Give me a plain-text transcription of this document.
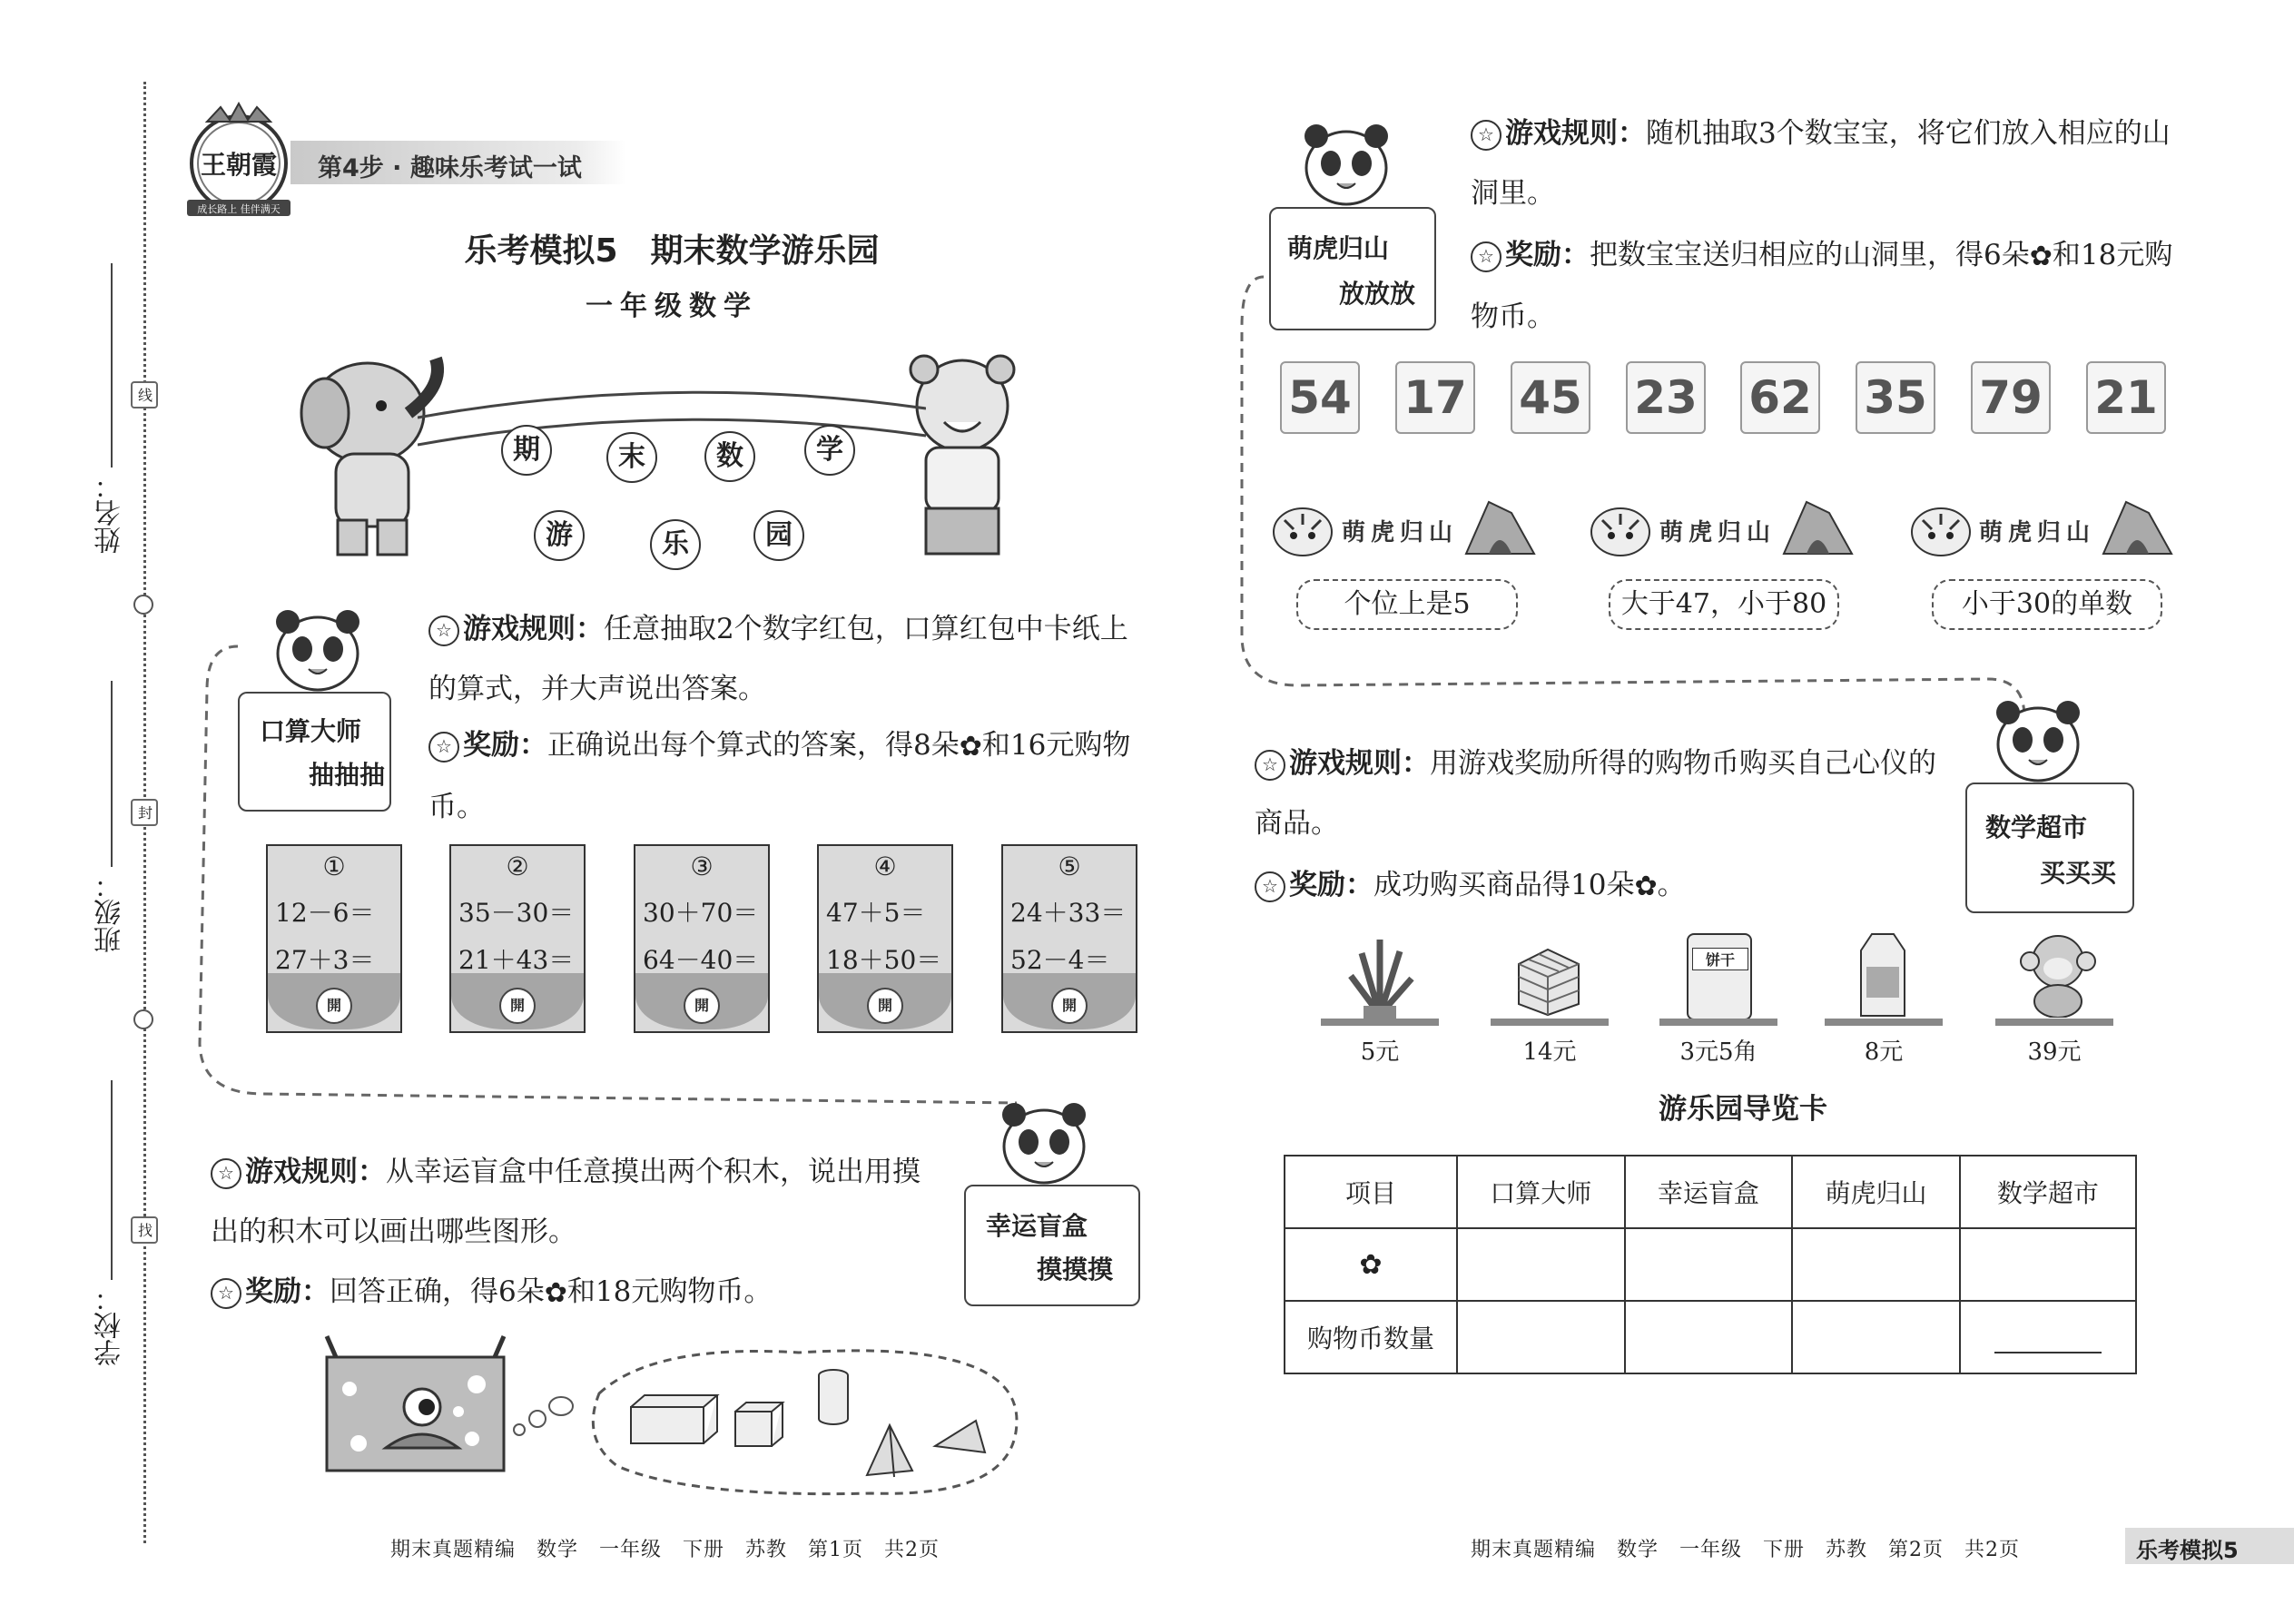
姓名：
班级：
学校：
线
封
找
王朝霞
成长路上 佳伴满天
第4步 · 趣味乐考试一试
乐考模拟5　期末数学游乐园
一年级数学
期	末	数	学
游	乐	园
口算大师
抽抽抽
☆ 游戏规则：任意抽取2个数字红包，口算红包中卡纸上的算式，并大声说出答案。
☆ 奖励：正确说出每个算式的答案，得8朵✿和16元购物币。
①
12－6＝
27＋3＝
開
②
35－30＝
21＋43＝
開
③
30＋70＝
64－40＝
開
④
47＋5＝
18＋50＝
開
⑤
24＋33＝
52－4＝
開
幸运盲盒
摸摸摸
☆ 游戏规则：从幸运盲盒中任意摸出两个积木，说出用摸出的积木可以画出哪些图形。
☆ 奖励：回答正确，得6朵✿和18元购物币。
期末真题精编　数学　一年级　下册　苏教　第1页　共2页
萌虎归山
放放放
☆ 游戏规则：随机抽取3个数宝宝，将它们放入相应的山洞里。
☆ 奖励：把数宝宝送归相应的山洞里，得6朵✿和18元购物币。
54 17 45 23 62 35 79 21
萌虎归山
个位上是5
萌虎归山
大于47，小于80
萌虎归山
小于30的单数
数学超市
买买买
☆ 游戏规则：用游戏奖励所得的购物币购买自己心仪的商品。
☆ 奖励：成功购买商品得10朵✿。
5元	14元
饼干
3元5角	8元	39元
游乐园导览卡
项目	口算大师	幸运盲盒	萌虎归山	数学超市
✿				
购物币数量				
期末真题精编　数学　一年级　下册　苏教　第2页　共2页	乐考模拟5
